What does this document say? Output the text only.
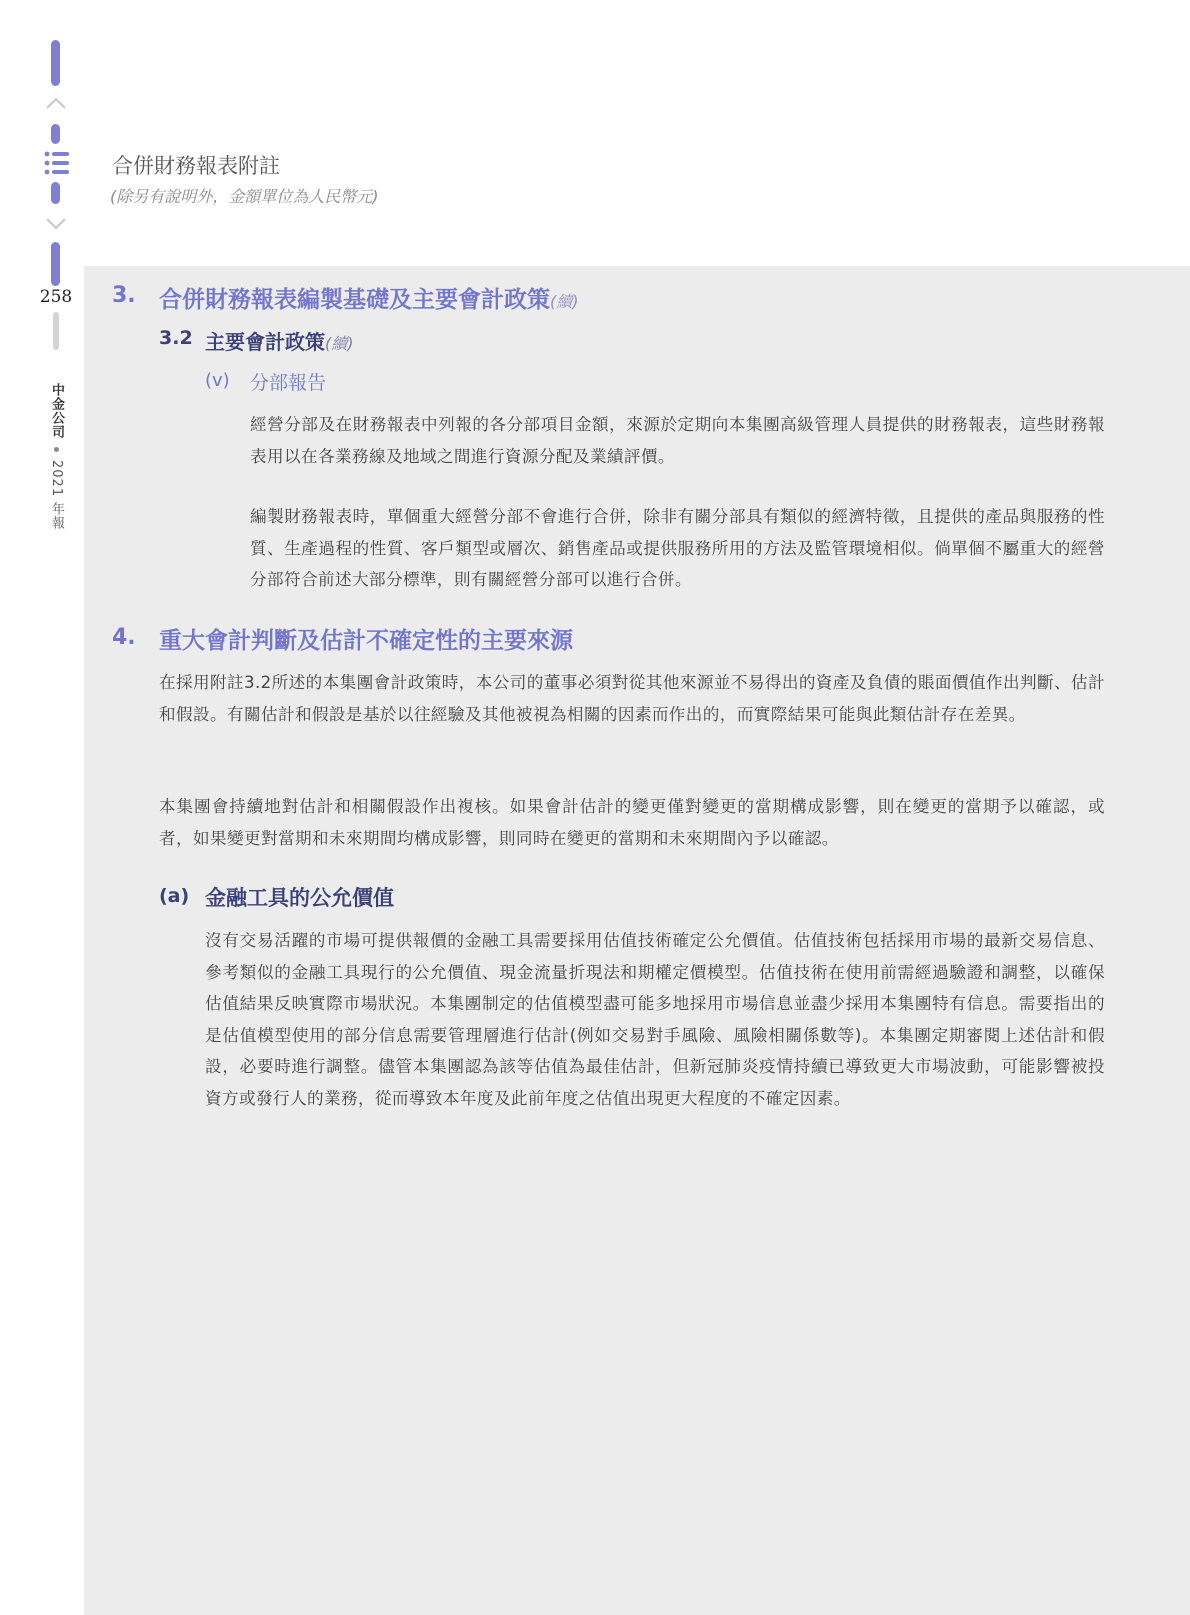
258
中金公司2021 年報
合併財務報表附註

(除另有說明外，金額單位為人民幣元)

3. 合併財務報表編製基礎及主要會計政策(續)
3.2 主要會計政策(續)
(v) 分部報告

經營分部及在財務報表中列報的各分部項目金額，來源於定期向本集團高級管理人員提供的財務報表，這些財務報表用以在各業務線及地域之間進行資源分配及業績評價。

編製財務報表時，單個重大經營分部不會進行合併，除非有關分部具有類似的經濟特徵，且提供的產品與服務的性質、生產過程的性質、客戶類型或層次、銷售產品或提供服務所用的方法及監管環境相似。倘單個不屬重大的經營分部符合前述大部分標準，則有關經營分部可以進行合併。

4. 重大會計判斷及估計不確定性的主要來源

在採用附註3.2所述的本集團會計政策時，本公司的董事必須對從其他來源並不易得出的資產及負債的賬面價值作出判斷、估計和假設。有關估計和假設是基於以往經驗及其他被視為相關的因素而作出的，而實際結果可能與此類估計存在差異。

本集團會持續地對估計和相關假設作出複核。如果會計估計的變更僅對變更的當期構成影響，則在變更的當期予以確認，或者，如果變更對當期和未來期間均構成影響，則同時在變更的當期和未來期間內予以確認。

(a) 金融工具的公允價值

沒有交易活躍的市場可提供報價的金融工具需要採用估值技術確定公允價值。估值技術包括採用市場的最新交易信息、參考類似的金融工具現行的公允價值、現金流量折現法和期權定價模型。估值技術在使用前需經過驗證和調整，以確保估值結果反映實際市場狀況。本集團制定的估值模型盡可能多地採用市場信息並盡少採用本集團特有信息。需要指出的是估值模型使用的部分信息需要管理層進行估計(例如交易對手風險、風險相關係數等)。本集團定期審閱上述估計和假設，必要時進行調整。儘管本集團認為該等估值為最佳估計，但新冠肺炎疫情持續已導致更大市場波動，可能影響被投資方或發行人的業務，從而導致本年度及此前年度之估值出現更大程度的不確定因素。
